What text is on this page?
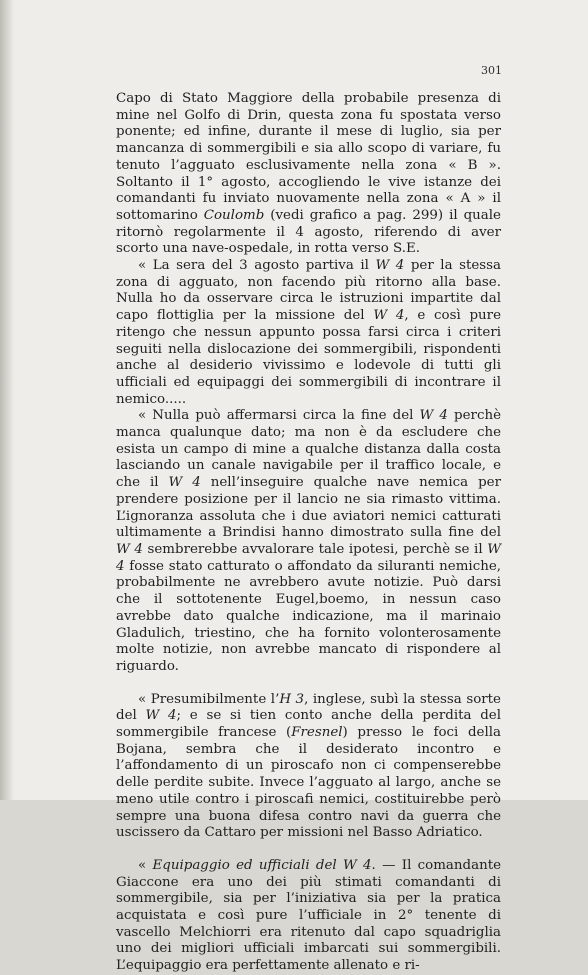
301

Capo di Stato Maggiore della probabile presenza di mine nel Golfo di Drin, questa zona fu spostata verso ponente; ed infine, durante il mese di luglio, sia per mancanza di sommergibili e sia allo scopo di variare, fu tenuto l’agguato esclusivamente nella zona « B ». Soltanto il 1° agosto, accogliendo le vive istanze dei comandanti fu inviato nuovamente nella zona « A » il sottomarino Coulomb (vedi grafico a pag. 299) il quale ritornò regolarmente il 4 agosto, riferendo di aver scorto una nave-ospedale, in rotta verso S.E.

« La sera del 3 agosto partiva il W 4 per la stessa zona di agguato, non facendo più ritorno alla base. Nulla ho da osservare circa le istruzioni impartite dal capo flottiglia per la missione del W 4, e così pure ritengo che nessun appunto possa farsi circa i criteri seguiti nella dislocazione dei sommergibili, rispondenti anche al desiderio vivissimo e lodevole di tutti gli ufficiali ed equipaggi dei sommergibili di incontrare il nemico.....

« Nulla può affermarsi circa la fine del W 4 perchè manca qualunque dato; ma non è da escludere che esista un campo di mine a qualche distanza dalla costa lasciando un canale navigabile per il traffico locale, e che il W 4 nell’inseguire qualche nave nemica per prendere posizione per il lancio ne sia rimasto vittima. L’ignoranza assoluta che i due aviatori nemici catturati ultimamente a Brindisi hanno dimostrato sulla fine del W 4 sembrerebbe avvalorare tale ipotesi, perchè se il W 4 fosse stato catturato o affondato da siluranti nemiche, probabilmente ne avrebbero avute notizie. Può darsi che il sottotenente Eugel,boemo, in nessun caso avrebbe dato qualche indicazione, ma il marinaio Gladulich, triestino, che ha fornito volonterosamente molte notizie, non avrebbe mancato di rispondere al riguardo.

« Presumibilmente l’H 3, inglese, subì la stessa sorte del W 4; e se si tien conto anche della perdita del sommergibile francese (Fresnel) presso le foci della Bojana, sembra che il desiderato incontro e l’affondamento di un piroscafo non ci compenserebbe delle perdite subite. Invece l’agguato al largo, anche se meno utile contro i piroscafi nemici, costituirebbe però sempre una buona difesa contro navi da guerra che uscissero da Cattaro per missioni nel Basso Adriatico.

« Equipaggio ed ufficiali del W 4. — Il comandante Giaccone era uno dei più stimati comandanti di sommergibile, sia per l’iniziativa sia per la pratica acquistata e così pure l’ufficiale in 2° tenente di vascello Melchiorri era ritenuto dal capo squadriglia uno dei migliori ufficiali imbarcati sui sommergibili. L’equipaggio era perfettamente allenato e ri-
